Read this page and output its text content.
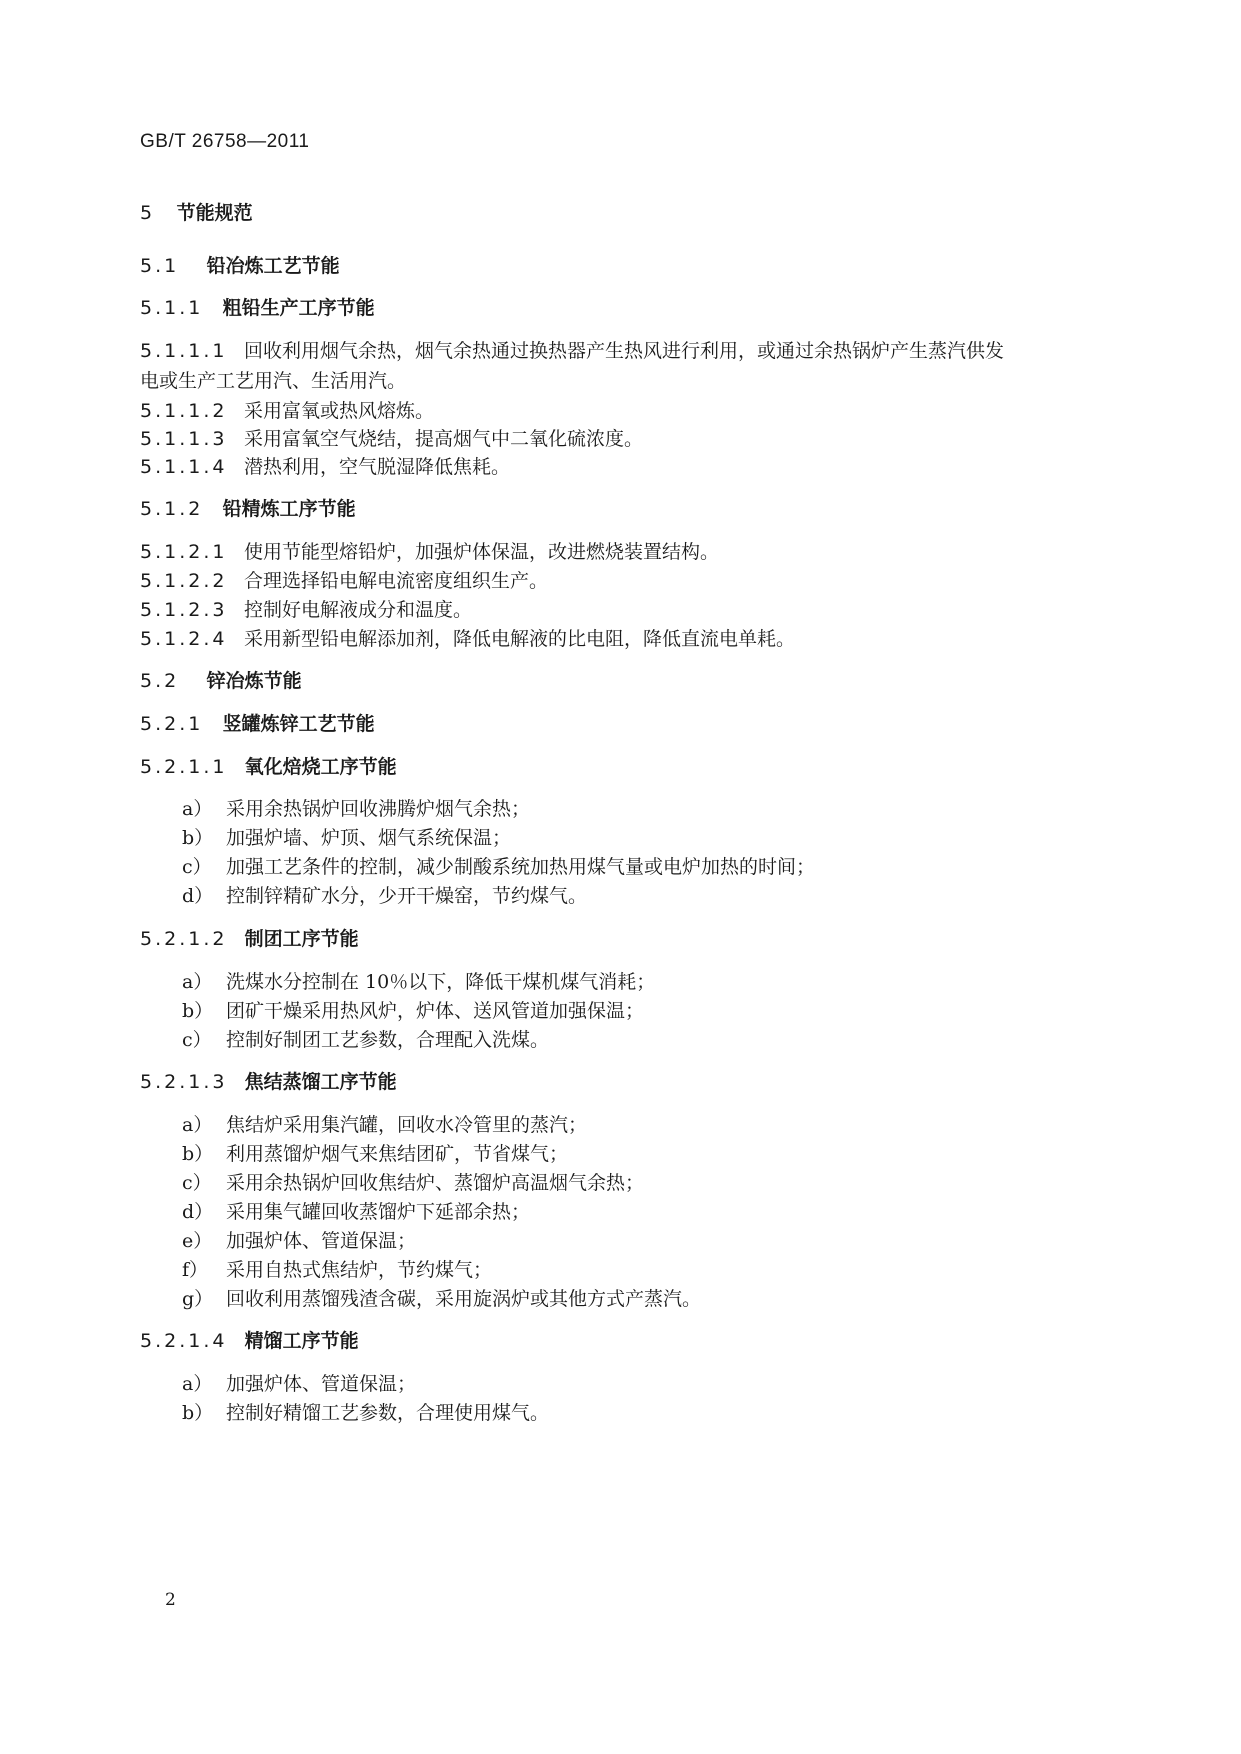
GB/T 26758—2011
5 节能规范
5.1 铅冶炼工艺节能
5.1.1 粗铅生产工序节能
5.1.1.1 回收利用烟气余热，烟气余热通过换热器产生热风进行利用，或通过余热锅炉产生蒸汽供发
电或生产工艺用汽、生活用汽。
5.1.1.2 采用富氧或热风熔炼。
5.1.1.3 采用富氧空气烧结，提高烟气中二氧化硫浓度。
5.1.1.4 潜热利用，空气脱湿降低焦耗。
5.1.2 铅精炼工序节能
5.1.2.1 使用节能型熔铅炉，加强炉体保温，改进燃烧装置结构。
5.1.2.2 合理选择铅电解电流密度组织生产。
5.1.2.3 控制好电解液成分和温度。
5.1.2.4 采用新型铅电解添加剂，降低电解液的比电阻，降低直流电单耗。
5.2 锌冶炼节能
5.2.1 竖罐炼锌工艺节能
5.2.1.1 氧化焙烧工序节能
a） 采用余热锅炉回收沸腾炉烟气余热；
b） 加强炉墙、炉顶、烟气系统保温；
c） 加强工艺条件的控制，减少制酸系统加热用煤气量或电炉加热的时间；
d） 控制锌精矿水分，少开干燥窑，节约煤气。
5.2.1.2 制团工序节能
a） 洗煤水分控制在 10％以下，降低干煤机煤气消耗；
b） 团矿干燥采用热风炉，炉体、送风管道加强保温；
c） 控制好制团工艺参数，合理配入洗煤。
5.2.1.3 焦结蒸馏工序节能
a） 焦结炉采用集汽罐，回收水冷管里的蒸汽；
b） 利用蒸馏炉烟气来焦结团矿，节省煤气；
c） 采用余热锅炉回收焦结炉、蒸馏炉高温烟气余热；
d） 采用集气罐回收蒸馏炉下延部余热；
e） 加强炉体、管道保温；
f） 采用自热式焦结炉，节约煤气；
g） 回收利用蒸馏残渣含碳，采用旋涡炉或其他方式产蒸汽。
5.2.1.4 精馏工序节能
a） 加强炉体、管道保温；
b） 控制好精馏工艺参数，合理使用煤气。
2
